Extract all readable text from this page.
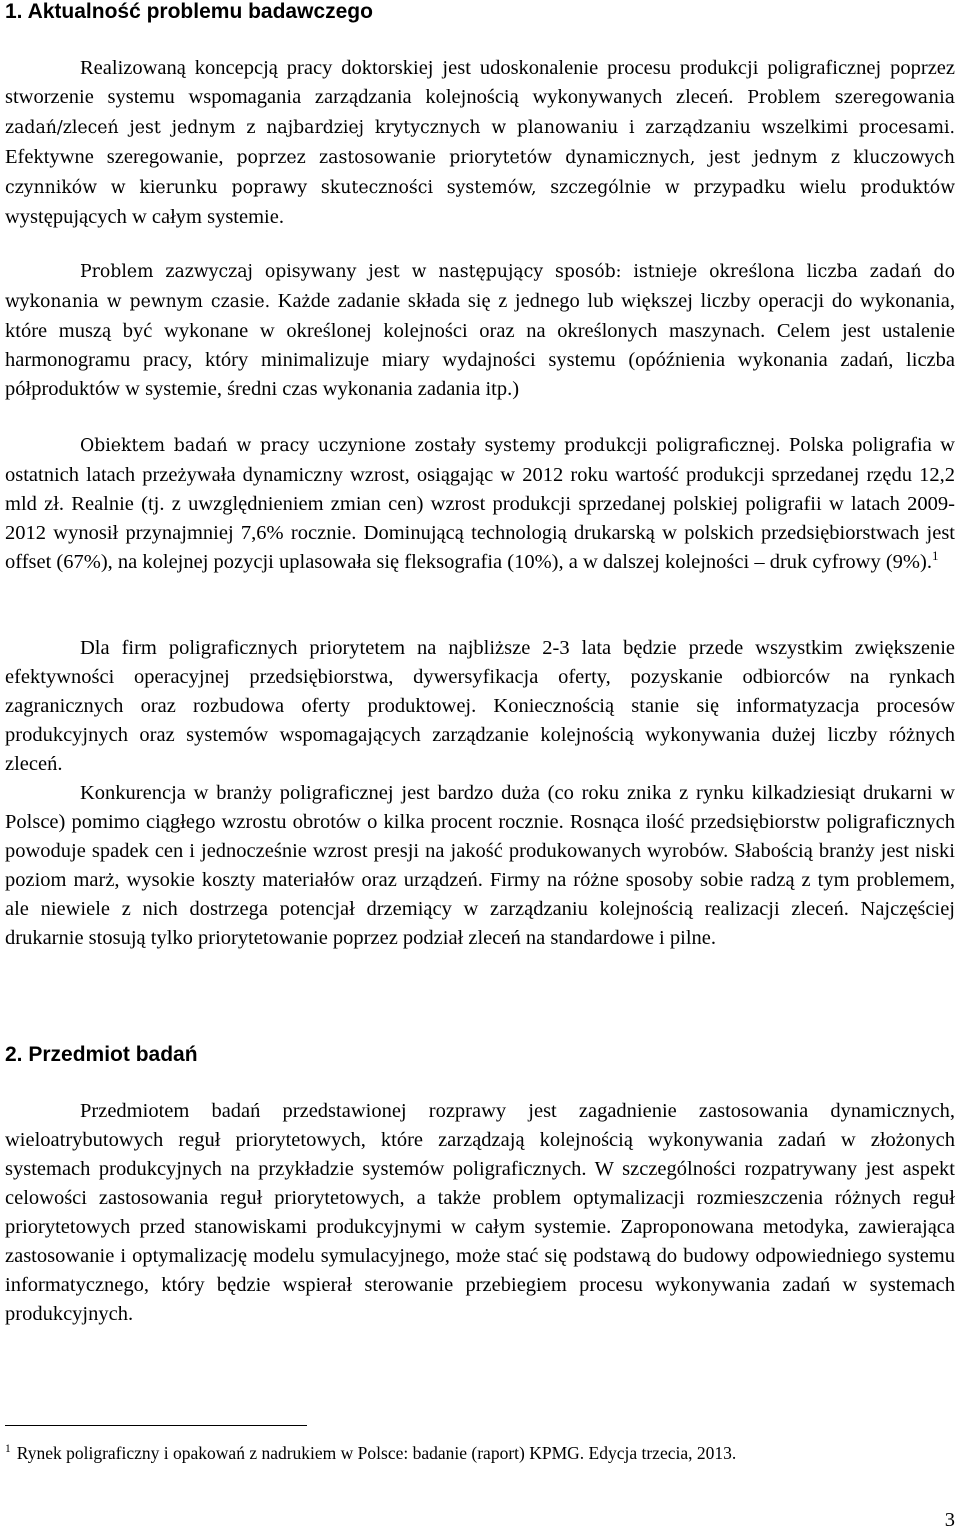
1. Aktualność problemu badawczego

Realizowaną koncepcją pracy doktorskiej jest udoskonalenie procesu produkcji poligraficznej poprzez stworzenie systemu wspomagania zarządzania kolejnością wykonywanych zleceń. Problem szeregowania zadań/zleceń jest jednym z najbardziej krytycznych w planowaniu i zarządzaniu wszelkimi procesami. Efektywne szeregowanie, poprzez zastosowanie priorytetów dynamicznych, jest jednym z kluczowych czynników w kierunku poprawy skuteczności systemów, szczególnie w przypadku wielu produktów występujących w całym systemie.

Problem zazwyczaj opisywany jest w następujący sposób: istnieje określona liczba zadań do wykonania w pewnym czasie. Każde zadanie składa się z jednego lub większej liczby operacji do wykonania, które muszą być wykonane w określonej kolejności oraz na określonych maszynach. Celem jest ustalenie harmonogramu pracy, który minimalizuje miary wydajności systemu (opóźnienia wykonania zadań, liczba półproduktów w systemie, średni czas wykonania zadania itp.)

Obiektem badań w pracy uczynione zostały systemy produkcji poligraficznej. Polska poligrafia w ostatnich latach przeżywała dynamiczny wzrost, osiągając w 2012 roku wartość produkcji sprzedanej rzędu 12,2 mld zł. Realnie (tj. z uwzględnieniem zmian cen) wzrost produkcji sprzedanej polskiej poligrafii w latach 2009-2012 wynosił przynajmniej 7,6% rocznie. Dominującą technologią drukarską w polskich przedsiębiorstwach jest offset (67%), na kolejnej pozycji uplasowała się fleksografia (10%), a w dalszej kolejności – druk cyfrowy (9%).$^1$

Dla firm poligraficznych priorytetem na najbliższe 2-3 lata będzie przede wszystkim zwiększenie efektywności operacyjnej przedsiębiorstwa, dywersyfikacja oferty, pozyskanie odbiorców na rynkach zagranicznych oraz rozbudowa oferty produktowej. Koniecznością stanie się informatyzacja procesów produkcyjnych oraz systemów wspomagających zarządzanie kolejnością wykonywania dużej liczby różnych zleceń.

Konkurencja w branży poligraficznej jest bardzo duża (co roku znika z rynku kilkadziesiąt drukarni w Polsce) pomimo ciągłego wzrostu obrotów o kilka procent rocznie. Rosnąca ilość przedsiębiorstw poligraficznych powoduje spadek cen i jednocześnie wzrost presji na jakość produkowanych wyrobów. Słabością branży jest niski poziom marż, wysokie koszty materiałów oraz urządzeń. Firmy na różne sposoby sobie radzą z tym problemem, ale niewiele z nich dostrzega potencjał drzemiący w zarządzaniu kolejnością realizacji zleceń. Najczęściej drukarnie stosują tylko priorytetowanie poprzez podział zleceń na standardowe i pilne.

2. Przedmiot badań

Przedmiotem badań przedstawionej rozprawy jest zagadnienie zastosowania dynamicznych, wieloatrybutowych reguł priorytetowych, które zarządzają kolejnością wykonywania zadań w złożonych systemach produkcyjnych na przykładzie systemów poligraficznych. W szczególności rozpatrywany jest aspekt celowości zastosowania reguł priorytetowych, a także problem optymalizacji rozmieszczenia różnych reguł priorytetowych przed stanowiskami produkcyjnymi w całym systemie. Zaproponowana metodyka, zawierająca zastosowanie i optymalizację modelu symulacyjnego, może stać się podstawą do budowy odpowiedniego systemu informatycznego, który będzie wspierał sterowanie przebiegiem procesu wykonywania zadań w systemach produkcyjnych.

$^1$ Rynek poligraficzny i opakowań z nadrukiem w Polsce: badanie (raport) KPMG. Edycja trzecia, 2013.

3
